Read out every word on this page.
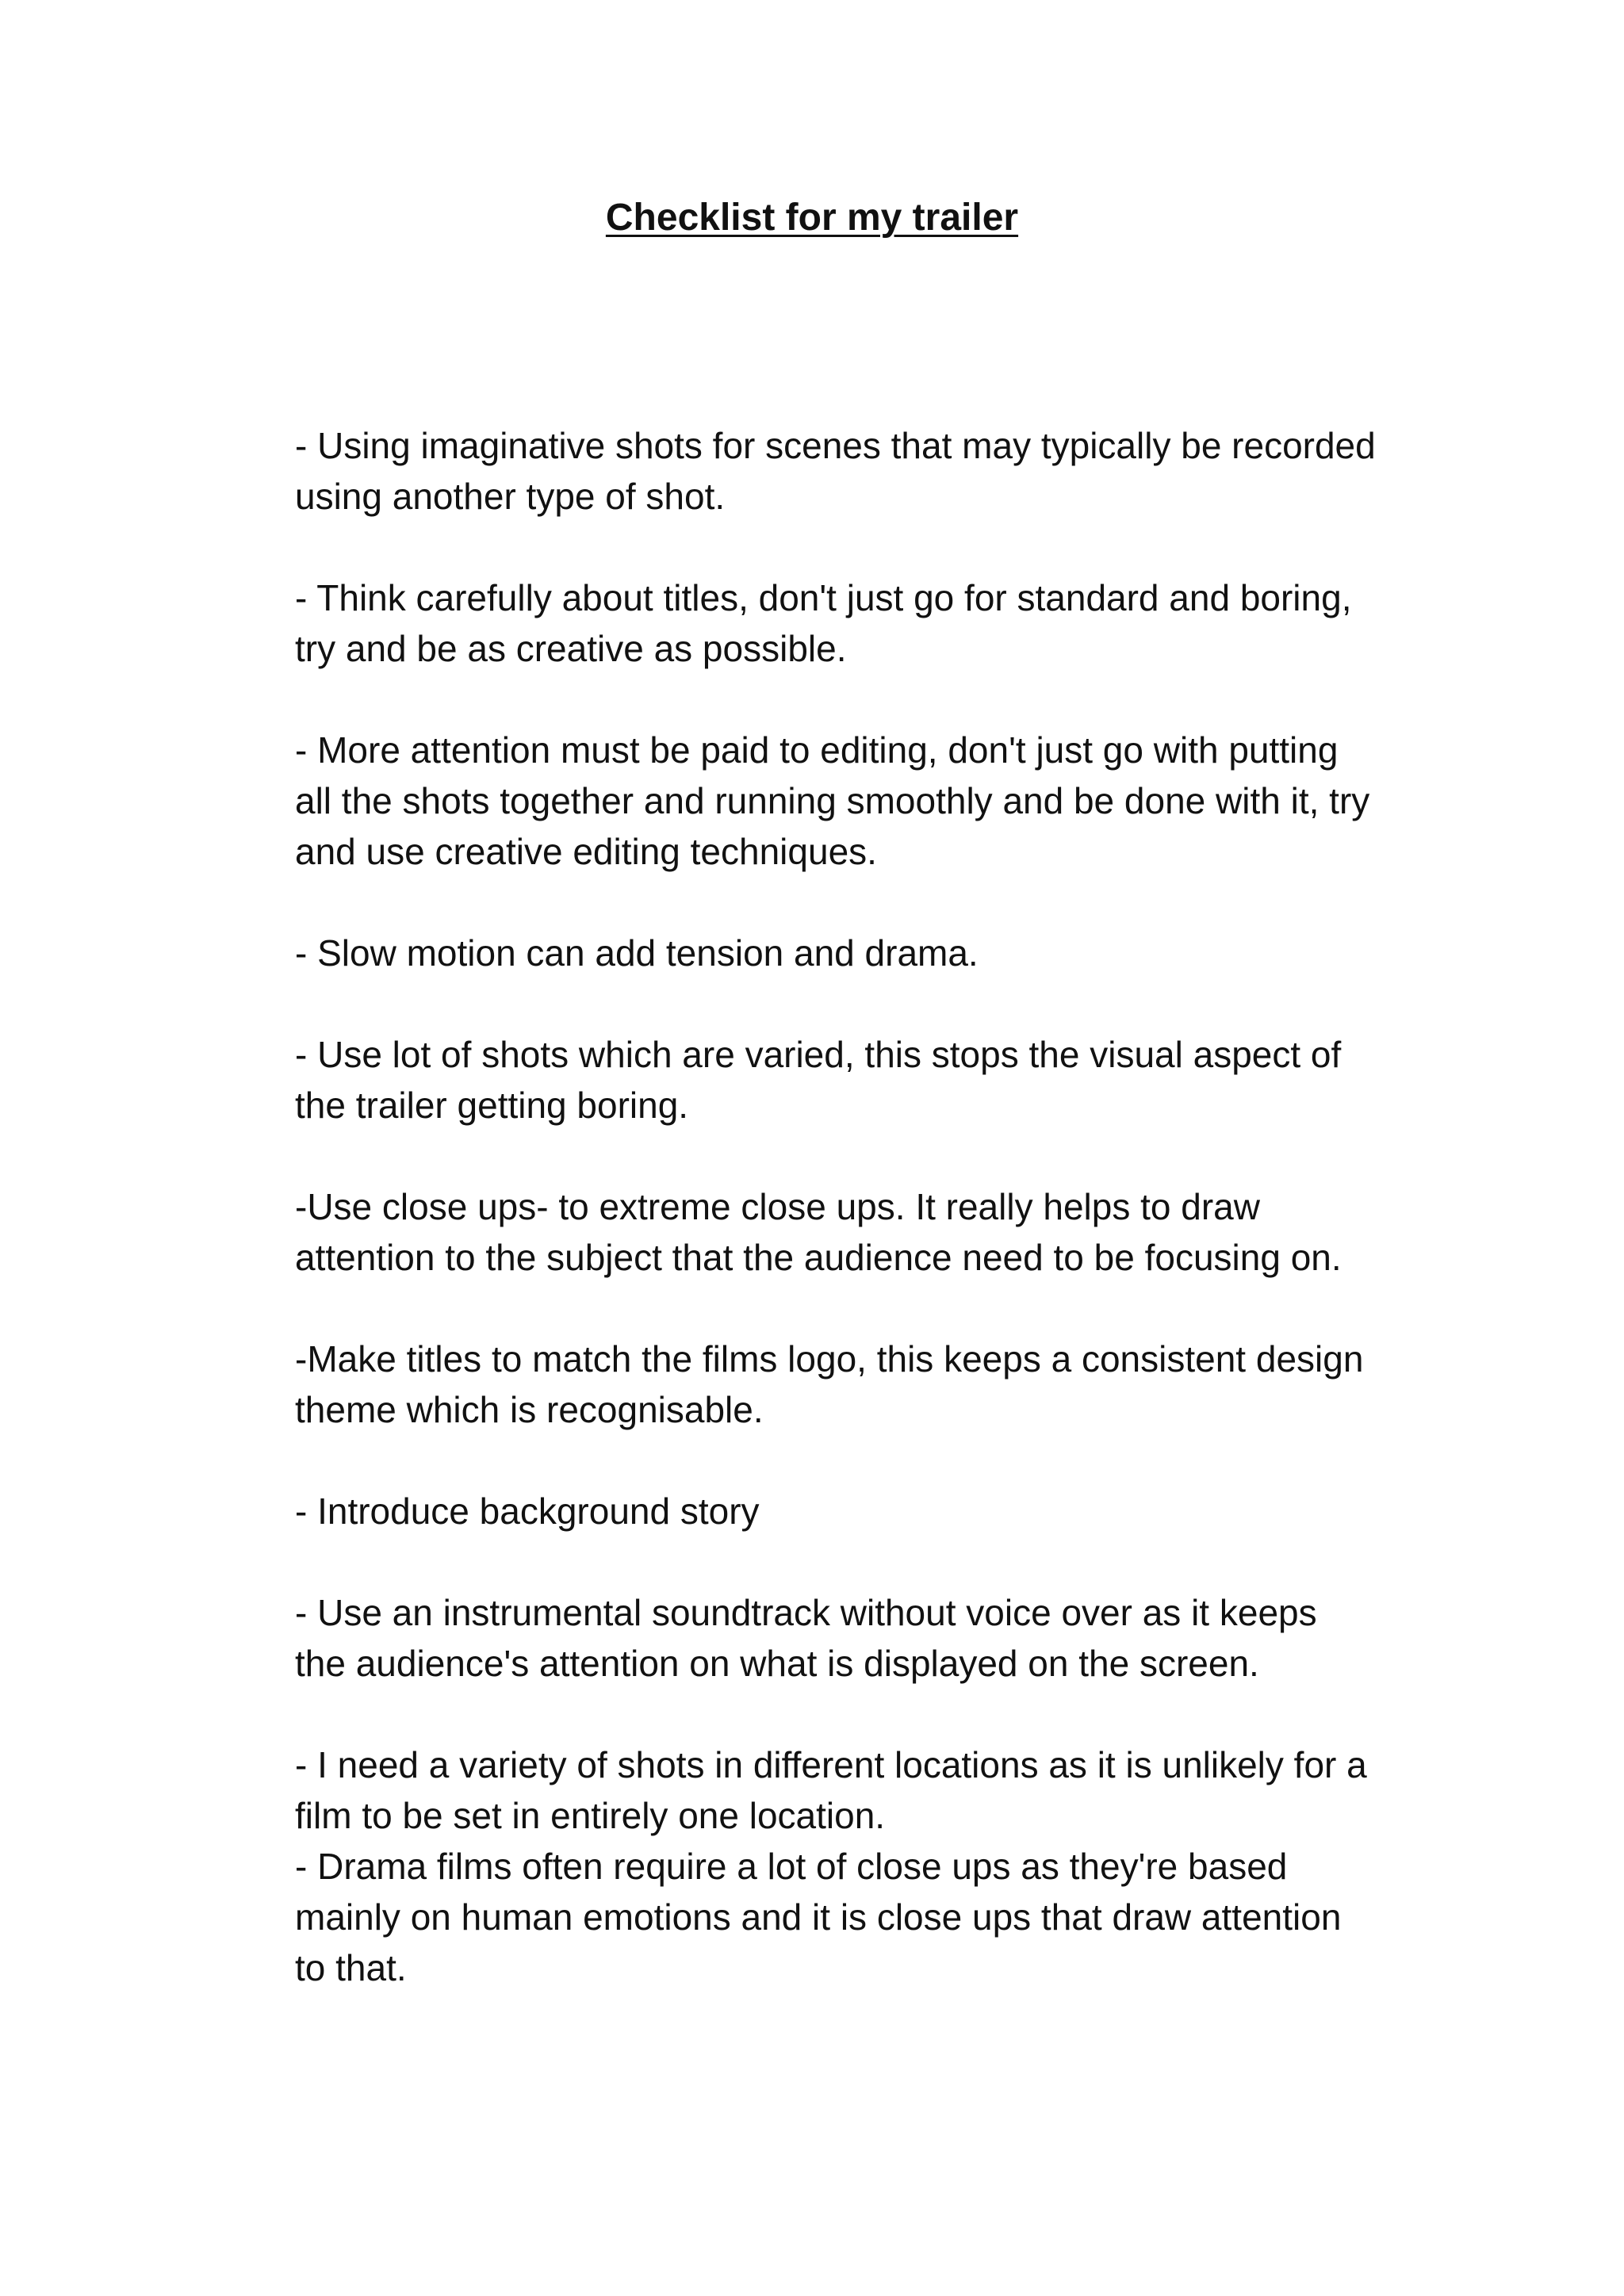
Checklist for my trailer
- Using imaginative shots for scenes that may typically be recorded
using another type of shot.
- Think carefully about titles, don't just go for standard and boring,
try and be as creative as possible.
- More attention must be paid to editing, don't just go with putting
all the shots together and running smoothly and be done with it, try
and use creative editing techniques.
- Slow motion can add tension and drama.
- Use lot of shots which are varied, this stops the visual aspect of
the trailer getting boring.
-Use close ups- to extreme close ups. It really helps to draw
attention to the subject that the audience need to be focusing on.
-Make titles to match the films logo, this keeps a consistent design
theme which is recognisable.
- Introduce background story
- Use an instrumental soundtrack without voice over as it keeps
the audience's attention on what is displayed on the screen.
- I need a variety of shots in different locations as it is unlikely for a
film to be set in entirely one location.
- Drama films often require a lot of close ups as they're based
mainly on human emotions and it is close ups that draw attention
to that.
